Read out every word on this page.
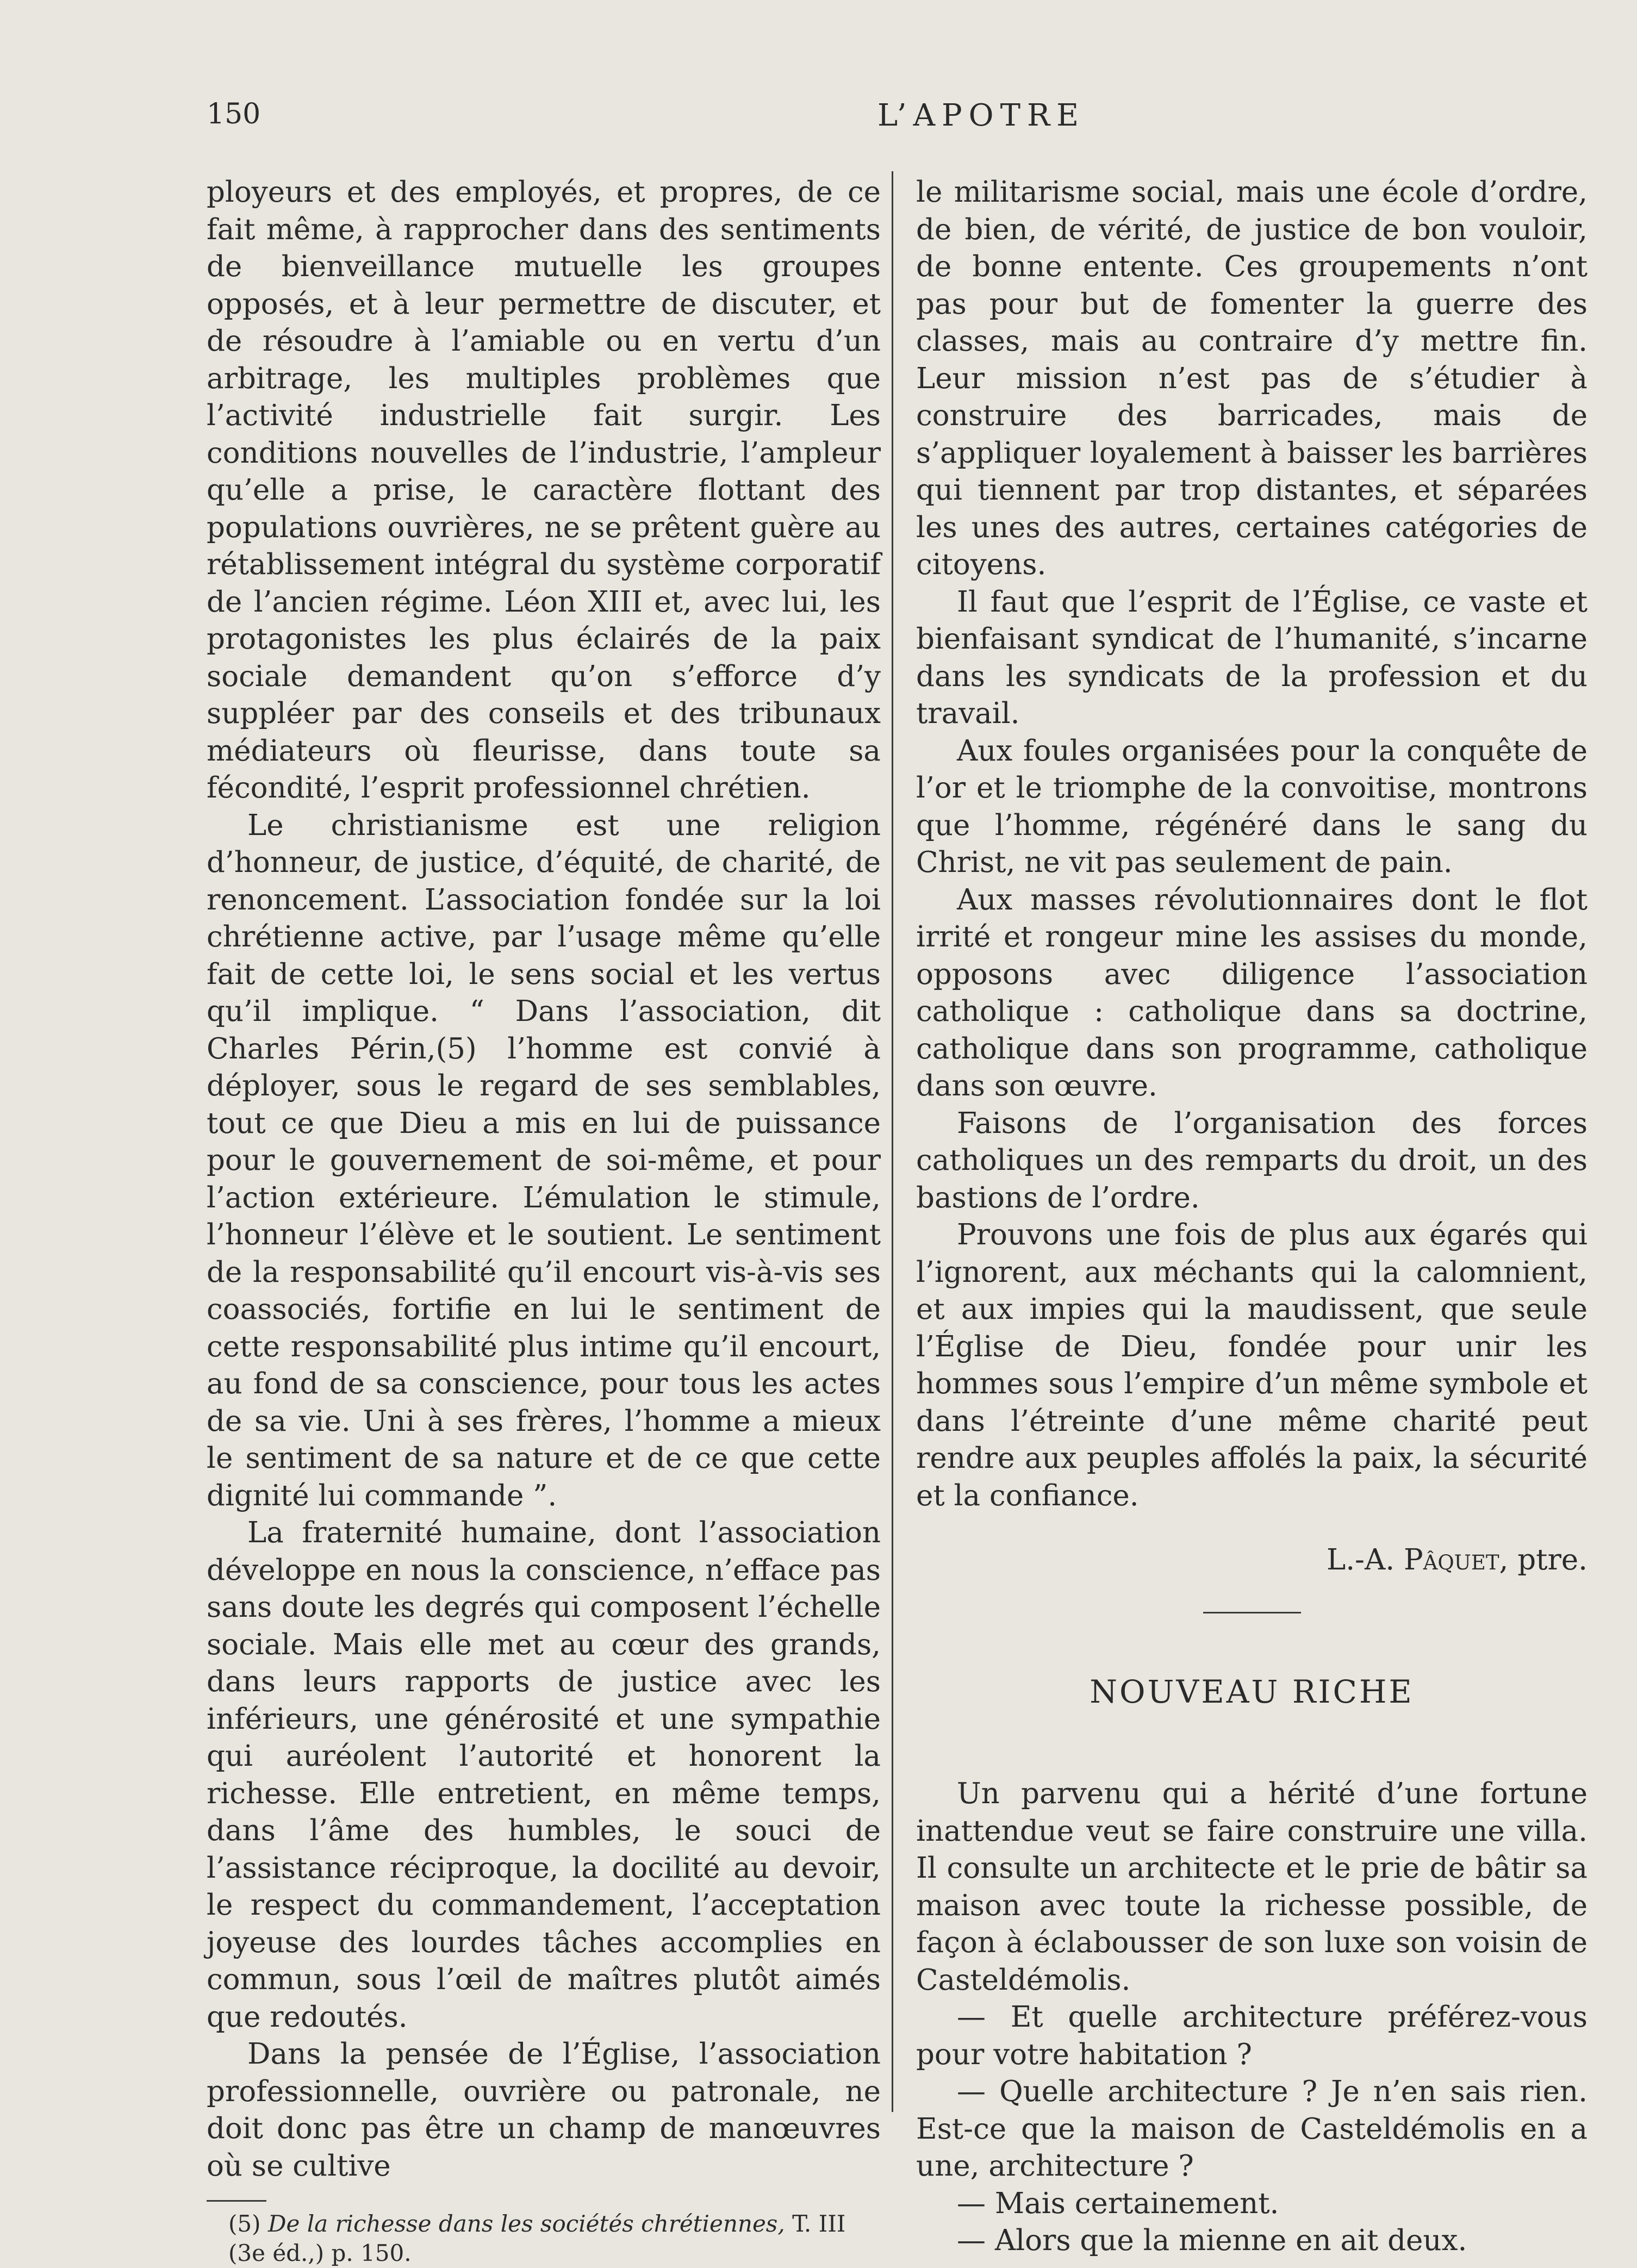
150	L’APOTRE

ployeurs et des employés, et propres, de ce fait même, à rapprocher dans des sentiments de bienveillance mutuelle les groupes opposés, et à leur permettre de discuter, et de résoudre à l’amiable ou en vertu d’un arbitrage, les multiples problèmes que l’activité industrielle fait surgir. Les conditions nouvelles de l’industrie, l’ampleur qu’elle a prise, le caractère flottant des populations ouvrières, ne se prêtent guère au rétablissement intégral du système corporatif de l’ancien régime. Léon XIII et, avec lui, les protagonistes les plus éclairés de la paix sociale demandent qu’on s’efforce d’y suppléer par des conseils et des tribunaux médiateurs où fleurisse, dans toute sa fécondité, l’esprit professionnel chrétien.

Le christianisme est une religion d’honneur, de justice, d’équité, de charité, de renoncement. L’association fondée sur la loi chrétienne active, par l’usage même qu’elle fait de cette loi, le sens social et les vertus qu’il implique. “ Dans l’association, dit Charles Périn,(5) l’homme est convié à déployer, sous le regard de ses semblables, tout ce que Dieu a mis en lui de puissance pour le gouvernement de soi-même, et pour l’action extérieure. L’émulation le stimule, l’honneur l’élève et le soutient. Le sentiment de la responsabilité qu’il encourt vis-à-vis ses coassociés, fortifie en lui le sentiment de cette responsabilité plus intime qu’il encourt, au fond de sa conscience, pour tous les actes de sa vie. Uni à ses frères, l’homme a mieux le sentiment de sa nature et de ce que cette dignité lui commande ”.

La fraternité humaine, dont l’association développe en nous la conscience, n’efface pas sans doute les degrés qui composent l’échelle sociale. Mais elle met au cœur des grands, dans leurs rapports de justice avec les inférieurs, une générosité et une sympathie qui auréolent l’autorité et honorent la richesse. Elle entretient, en même temps, dans l’âme des humbles, le souci de l’assistance réciproque, la docilité au devoir, le respect du commandement, l’acceptation joyeuse des lourdes tâches accomplies en commun, sous l’œil de maîtres plutôt aimés que redoutés.

Dans la pensée de l’Église, l’association professionnelle, ouvrière ou patronale, ne doit donc pas être un champ de manœuvres où se cultive

(5) De la richesse dans les sociétés chrétiennes, T. III (3e éd.,) p. 150.

le militarisme social, mais une école d’ordre, de bien, de vérité, de justice de bon vouloir, de bonne entente. Ces groupements n’ont pas pour but de fomenter la guerre des classes, mais au contraire d’y mettre fin. Leur mission n’est pas de s’étudier à construire des barricades, mais de s’appliquer loyalement à baisser les barrières qui tiennent par trop distantes, et séparées les unes des autres, certaines catégories de citoyens.

Il faut que l’esprit de l’Église, ce vaste et bienfaisant syndicat de l’humanité, s’incarne dans les syndicats de la profession et du travail.

Aux foules organisées pour la conquête de l’or et le triomphe de la convoitise, montrons que l’homme, régénéré dans le sang du Christ, ne vit pas seulement de pain.

Aux masses révolutionnaires dont le flot irrité et rongeur mine les assises du monde, opposons avec diligence l’association catholique : catholique dans sa doctrine, catholique dans son programme, catholique dans son œuvre.

Faisons de l’organisation des forces catholiques un des remparts du droit, un des bastions de l’ordre.

Prouvons une fois de plus aux égarés qui l’ignorent, aux méchants qui la calomnient, et aux impies qui la maudissent, que seule l’Église de Dieu, fondée pour unir les hommes sous l’empire d’un même symbole et dans l’étreinte d’une même charité peut rendre aux peuples affolés la paix, la sécurité et la confiance.

L.-A. Pâquet, ptre.
NOUVEAU RICHE

Un parvenu qui a hérité d’une fortune inattendue veut se faire construire une villa. Il consulte un architecte et le prie de bâtir sa maison avec toute la richesse possible, de façon à éclabousser de son luxe son voisin de Casteldémolis.

— Et quelle architecture préférez-vous pour votre habitation ?

— Quelle architecture ? Je n’en sais rien. Est-ce que la maison de Casteldémolis en a une, architecture ?

— Mais certainement.

— Alors que la mienne en ait deux.
